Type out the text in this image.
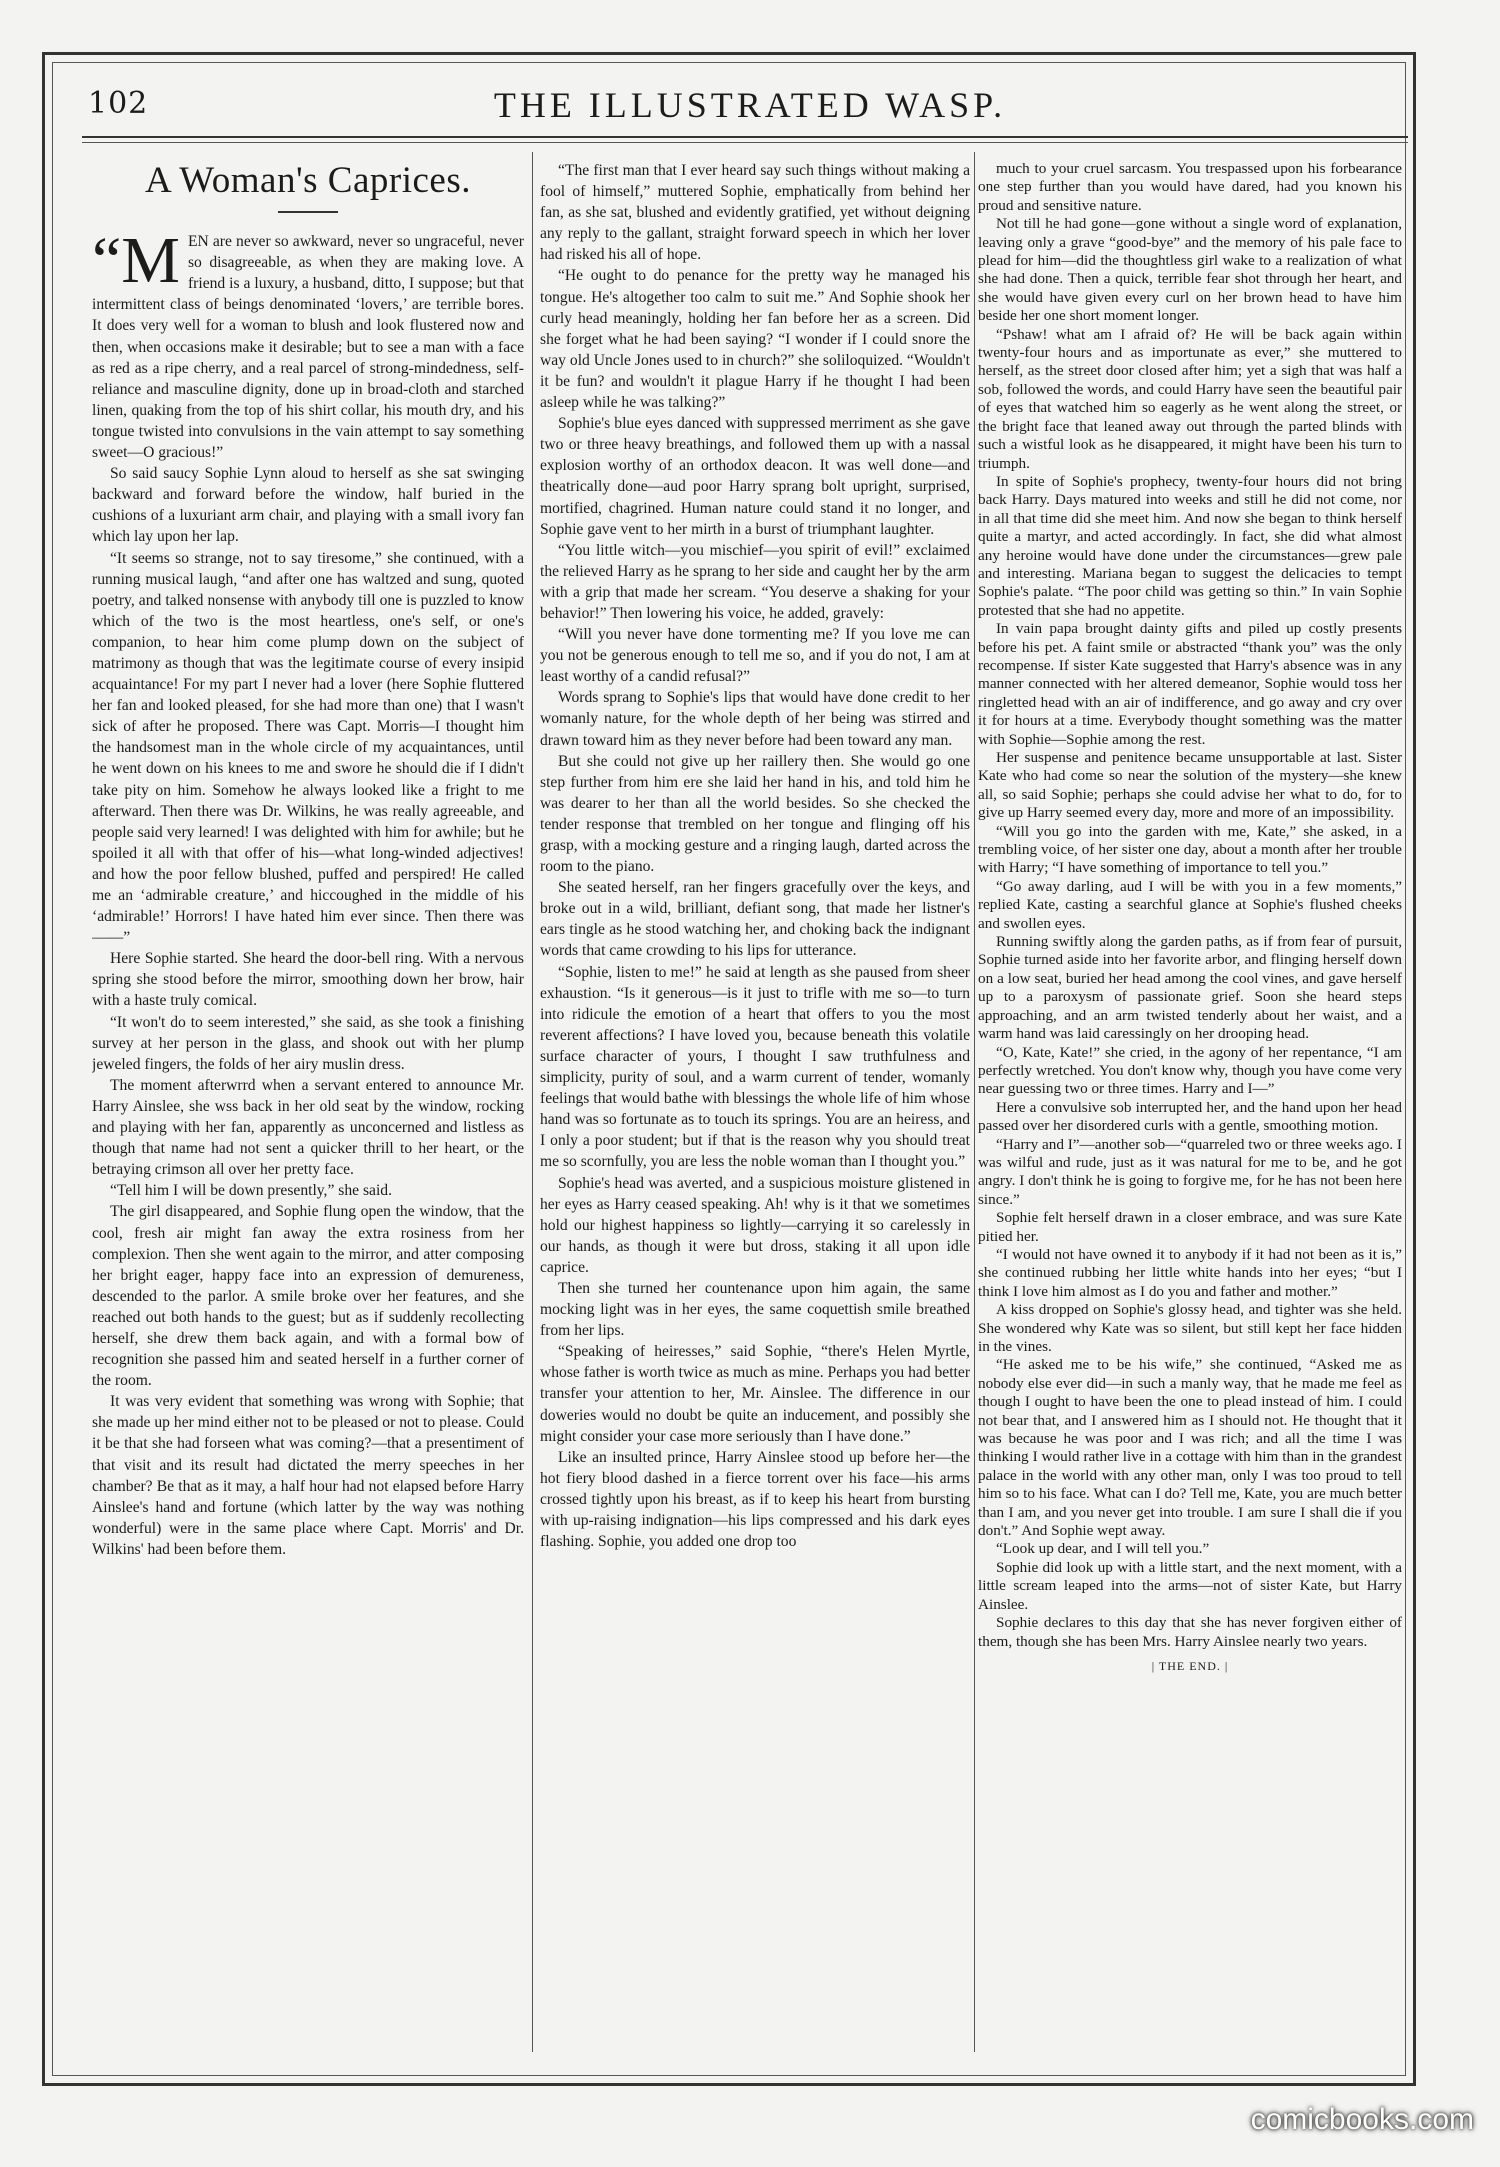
102	THE ILLUSTRATED WASP.
A Woman's Caprices.

“MEN are never so awkward, never so ungraceful, never so disagreeable, as when they are making love. A friend is a luxury, a husband, ditto, I suppose; but that intermittent class of beings denominated ‘lovers,’ are terrible bores. It does very well for a woman to blush and look flustered now and then, when occasions make it desirable; but to see a man with a face as red as a ripe cherry, and a real parcel of strong-mindedness, self-reliance and masculine dignity, done up in broad-cloth and starched linen, quaking from the top of his shirt collar, his mouth dry, and his tongue twisted into convulsions in the vain attempt to say something sweet—O gracious!”

So said saucy Sophie Lynn aloud to herself as she sat swinging backward and forward before the window, half buried in the cushions of a luxuriant arm chair, and playing with a small ivory fan which lay upon her lap.

“It seems so strange, not to say tiresome,” she continued, with a running musical laugh, “and after one has waltzed and sung, quoted poetry, and talked nonsense with anybody till one is puzzled to know which of the two is the most heartless, one's self, or one's companion, to hear him come plump down on the subject of matrimony as though that was the legitimate course of every insipid acquaintance! For my part I never had a lover (here Sophie fluttered her fan and looked pleased, for she had more than one) that I wasn't sick of after he proposed. There was Capt. Morris—I thought him the handsomest man in the whole circle of my acquaintances, until he went down on his knees to me and swore he should die if I didn't take pity on him. Somehow he always looked like a fright to me afterward. Then there was Dr. Wilkins, he was really agreeable, and people said very learned! I was delighted with him for awhile; but he spoiled it all with that offer of his—what long-winded adjectives! and how the poor fellow blushed, puffed and perspired! He called me an ‘admirable creature,’ and hiccoughed in the middle of his ‘admirable!’ Horrors! I have hated him ever since. Then there was——”

Here Sophie started. She heard the door-bell ring. With a nervous spring she stood before the mirror, smoothing down her brow, hair with a haste truly comical.

“It won't do to seem interested,” she said, as she took a finishing survey at her person in the glass, and shook out with her plump jeweled fingers, the folds of her airy muslin dress.

The moment afterwrrd when a servant entered to announce Mr. Harry Ainslee, she wss back in her old seat by the window, rocking and playing with her fan, apparently as unconcerned and listless as though that name had not sent a quicker thrill to her heart, or the betraying crimson all over her pretty face.

“Tell him I will be down presently,” she said.

The girl disappeared, and Sophie flung open the window, that the cool, fresh air might fan away the extra rosiness from her complexion. Then she went again to the mirror, and atter composing her bright eager, happy face into an expression of demureness, descended to the parlor. A smile broke over her features, and she reached out both hands to the guest; but as if suddenly recollecting herself, she drew them back again, and with a formal bow of recognition she passed him and seated herself in a further corner of the room.

It was very evident that something was wrong with Sophie; that she made up her mind either not to be pleased or not to please. Could it be that she had forseen what was coming?—that a presentiment of that visit and its result had dictated the merry speeches in her chamber? Be that as it may, a half hour had not elapsed before Harry Ainslee's hand and fortune (which latter by the way was nothing wonderful) were in the same place where Capt. Morris' and Dr. Wilkins' had been before them.

“The first man that I ever heard say such things without making a fool of himself,” muttered Sophie, emphatically from behind her fan, as she sat, blushed and evidently gratified, yet without deigning any reply to the gallant, straight forward speech in which her lover had risked his all of hope.

“He ought to do penance for the pretty way he managed his tongue. He's altogether too calm to suit me.” And Sophie shook her curly head meaningly, holding her fan before her as a screen. Did she forget what he had been saying? “I wonder if I could snore the way old Uncle Jones used to in church?” she soliloquized. “Wouldn't it be fun? and wouldn't it plague Harry if he thought I had been asleep while he was talking?”

Sophie's blue eyes danced with suppressed merriment as she gave two or three heavy breathings, and followed them up with a nassal explosion worthy of an orthodox deacon. It was well done—and theatrically done—aud poor Harry sprang bolt upright, surprised, mortified, chagrined. Human nature could stand it no longer, and Sophie gave vent to her mirth in a burst of triumphant laughter.

“You little witch—you mischief—you spirit of evil!” exclaimed the relieved Harry as he sprang to her side and caught her by the arm with a grip that made her scream. “You deserve a shaking for your behavior!” Then lowering his voice, he added, gravely:

“Will you never have done tormenting me? If you love me can you not be generous enough to tell me so, and if you do not, I am at least worthy of a candid refusal?”

Words sprang to Sophie's lips that would have done credit to her womanly nature, for the whole depth of her being was stirred and drawn toward him as they never before had been toward any man.

But she could not give up her raillery then. She would go one step further from him ere she laid her hand in his, and told him he was dearer to her than all the world besides. So she checked the tender response that trembled on her tongue and flinging off his grasp, with a mocking gesture and a ringing laugh, darted across the room to the piano.

She seated herself, ran her fingers gracefully over the keys, and broke out in a wild, brilliant, defiant song, that made her listner's ears tingle as he stood watching her, and choking back the indignant words that came crowding to his lips for utterance.

“Sophie, listen to me!” he said at length as she paused from sheer exhaustion. “Is it generous—is it just to trifle with me so—to turn into ridicule the emotion of a heart that offers to you the most reverent affections? I have loved you, because beneath this volatile surface character of yours, I thought I saw truthfulness and simplicity, purity of soul, and a warm current of tender, womanly feelings that would bathe with blessings the whole life of him whose hand was so fortunate as to touch its springs. You are an heiress, and I only a poor student; but if that is the reason why you should treat me so scornfully, you are less the noble woman than I thought you.”

Sophie's head was averted, and a suspicious moisture glistened in her eyes as Harry ceased speaking. Ah! why is it that we sometimes hold our highest happiness so lightly—carrying it so carelessly in our hands, as though it were but dross, staking it all upon idle caprice.

Then she turned her countenance upon him again, the same mocking light was in her eyes, the same coquettish smile breathed from her lips.

“Speaking of heiresses,” said Sophie, “there's Helen Myrtle, whose father is worth twice as much as mine. Perhaps you had better transfer your attention to her, Mr. Ainslee. The difference in our doweries would no doubt be quite an inducement, and possibly she might consider your case more seriously than I have done.”

Like an insulted prince, Harry Ainslee stood up before her—the hot fiery blood dashed in a fierce torrent over his face—his arms crossed tightly upon his breast, as if to keep his heart from bursting with up-raising indignation—his lips compressed and his dark eyes flashing. Sophie, you added one drop too

much to your cruel sarcasm. You trespassed upon his forbearance one step further than you would have dared, had you known his proud and sensitive nature.

Not till he had gone—gone without a single word of explanation, leaving only a grave “good-bye” and the memory of his pale face to plead for him—did the thoughtless girl wake to a realization of what she had done. Then a quick, terrible fear shot through her heart, and she would have given every curl on her brown head to have him beside her one short moment longer.

“Pshaw! what am I afraid of? He will be back again within twenty-four hours and as importunate as ever,” she muttered to herself, as the street door closed after him; yet a sigh that was half a sob, followed the words, and could Harry have seen the beautiful pair of eyes that watched him so eagerly as he went along the street, or the bright face that leaned away out through the parted blinds with such a wistful look as he disappeared, it might have been his turn to triumph.

In spite of Sophie's prophecy, twenty-four hours did not bring back Harry. Days matured into weeks and still he did not come, nor in all that time did she meet him. And now she began to think herself quite a martyr, and acted accordingly. In fact, she did what almost any heroine would have done under the circumstances—grew pale and interesting. Mariana began to suggest the delicacies to tempt Sophie's palate. “The poor child was getting so thin.” In vain Sophie protested that she had no appetite.

In vain papa brought dainty gifts and piled up costly presents before his pet. A faint smile or abstracted “thank you” was the only recompense. If sister Kate suggested that Harry's absence was in any manner connected with her altered demeanor, Sophie would toss her ringletted head with an air of indifference, and go away and cry over it for hours at a time. Everybody thought something was the matter with Sophie—Sophie among the rest.

Her suspense and penitence became unsupportable at last. Sister Kate who had come so near the solution of the mystery—she knew all, so said Sophie; perhaps she could advise her what to do, for to give up Harry seemed every day, more and more of an impossibility.

“Will you go into the garden with me, Kate,” she asked, in a trembling voice, of her sister one day, about a month after her trouble with Harry; “I have something of importance to tell you.”

“Go away darling, aud I will be with you in a few moments,” replied Kate, casting a searchful glance at Sophie's flushed cheeks and swollen eyes.

Running swiftly along the garden paths, as if from fear of pursuit, Sophie turned aside into her favorite arbor, and flinging herself down on a low seat, buried her head among the cool vines, and gave herself up to a paroxysm of passionate grief. Soon she heard steps approaching, and an arm twisted tenderly about her waist, and a warm hand was laid caressingly on her drooping head.

“O, Kate, Kate!” she cried, in the agony of her repentance, “I am perfectly wretched. You don't know why, though you have come very near guessing two or three times. Harry and I—”

Here a convulsive sob interrupted her, and the hand upon her head passed over her disordered curls with a gentle, smoothing motion.

“Harry and I”—another sob—“quarreled two or three weeks ago. I was wilful and rude, just as it was natural for me to be, and he got angry. I don't think he is going to forgive me, for he has not been here since.”

Sophie felt herself drawn in a closer embrace, and was sure Kate pitied her.

“I would not have owned it to anybody if it had not been as it is,” she continued rubbing her little white hands into her eyes; “but I think I love him almost as I do you and father and mother.”

A kiss dropped on Sophie's glossy head, and tighter was she held. She wondered why Kate was so silent, but still kept her face hidden in the vines.

“He asked me to be his wife,” she continued, “Asked me as nobody else ever did—in such a manly way, that he made me feel as though I ought to have been the one to plead instead of him. I could not bear that, and I answered him as I should not. He thought that it was because he was poor and I was rich; and all the time I was thinking I would rather live in a cottage with him than in the grandest palace in the world with any other man, only I was too proud to tell him so to his face. What can I do? Tell me, Kate, you are much better than I am, and you never get into trouble. I am sure I shall die if you don't.” And Sophie wept away.

“Look up dear, and I will tell you.”

Sophie did look up with a little start, and the next moment, with a little scream leaped into the arms—not of sister Kate, but Harry Ainslee.

Sophie declares to this day that she has never forgiven either of them, though she has been Mrs. Harry Ainslee nearly two years.

| THE END. |
comicbooks.com
